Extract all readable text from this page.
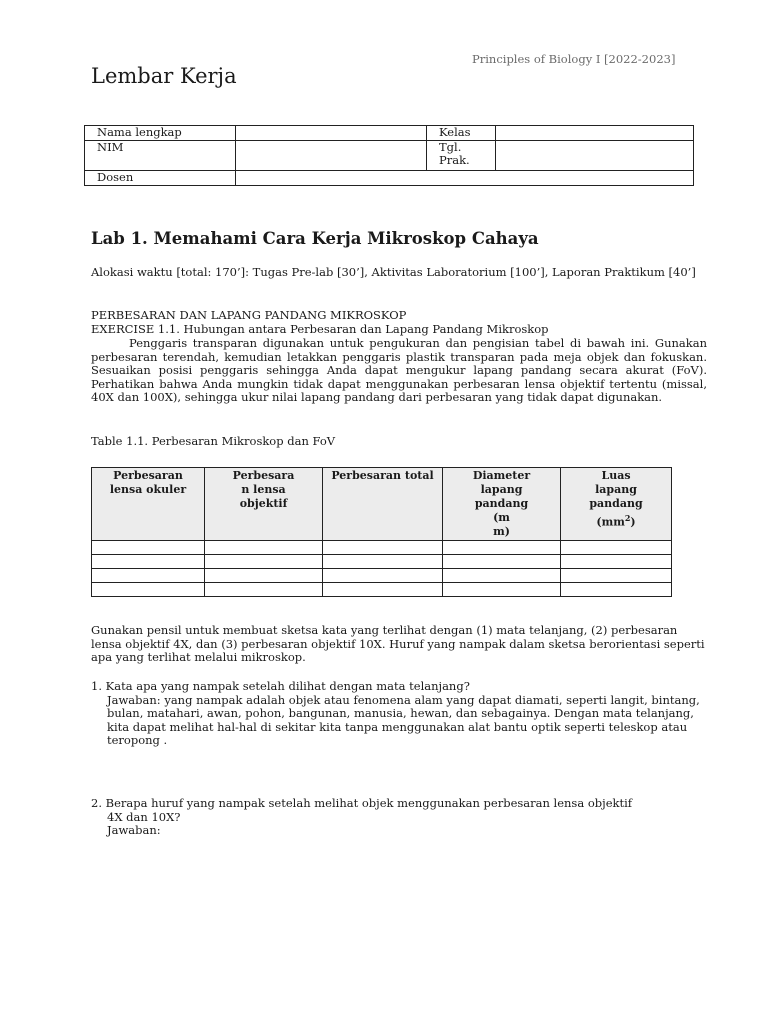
Principles of Biology I [2022-2023]
Lembar Kerja
Nama lengkap		Kelas	
NIM		Tgl.
Prak.	
Dosen			
Lab 1. Memahami Cara Kerja Mikroskop Cahaya
Alokasi waktu [total: 170’]: Tugas Pre-lab [30’], Aktivitas Laboratorium [100’], Laporan Praktikum [40’]
PERBESARAN DAN LAPANG PANDANG MIKROSKOP
EXERCISE 1.1. Hubungan antara Perbesaran dan Lapang Pandang Mikroskop
Penggaris transparan digunakan untuk pengukuran dan pengisian tabel di bawah ini. Gunakan perbesaran terendah, kemudian letakkan penggaris plastik transparan pada meja objek dan fokuskan. Sesuaikan posisi penggaris sehingga Anda dapat mengukur lapang pandang secara akurat (FoV). Perhatikan bahwa Anda mungkin tidak dapat menggunakan perbesaran lensa objektif tertentu (missal, 40X dan 100X), sehingga ukur nilai lapang pandang dari perbesaran yang tidak dapat digunakan.
Table 1.1. Perbesaran Mikroskop dan FoV
Perbesaran lensa okuler	Perbesara
n lensa
objektif	Perbesaran total	Diameter
lapang
pandang
(m
m)	Luas
lapang
pandang
$(mm^2)$

Gunakan pensil untuk membuat sketsa kata yang terlihat dengan (1) mata telanjang, (2) perbesaran lensa objektif 4X, dan (3) perbesaran objektif 10X. Huruf yang nampak dalam sketsa berorientasi seperti apa yang terlihat melalui mikroskop.
1. Kata apa yang nampak setelah dilihat dengan mata telanjang?
Jawaban: yang nampak adalah objek atau fenomena alam yang dapat diamati, seperti langit, bintang, bulan, matahari, awan, pohon, bangunan, manusia, hewan, dan sebagainya. Dengan mata telanjang, kita dapat melihat hal-hal di sekitar kita tanpa menggunakan alat bantu optik seperti teleskop atau teropong .
2. Berapa huruf yang nampak setelah melihat objek menggunakan perbesaran lensa objektif
4X dan 10X?
Jawaban:
